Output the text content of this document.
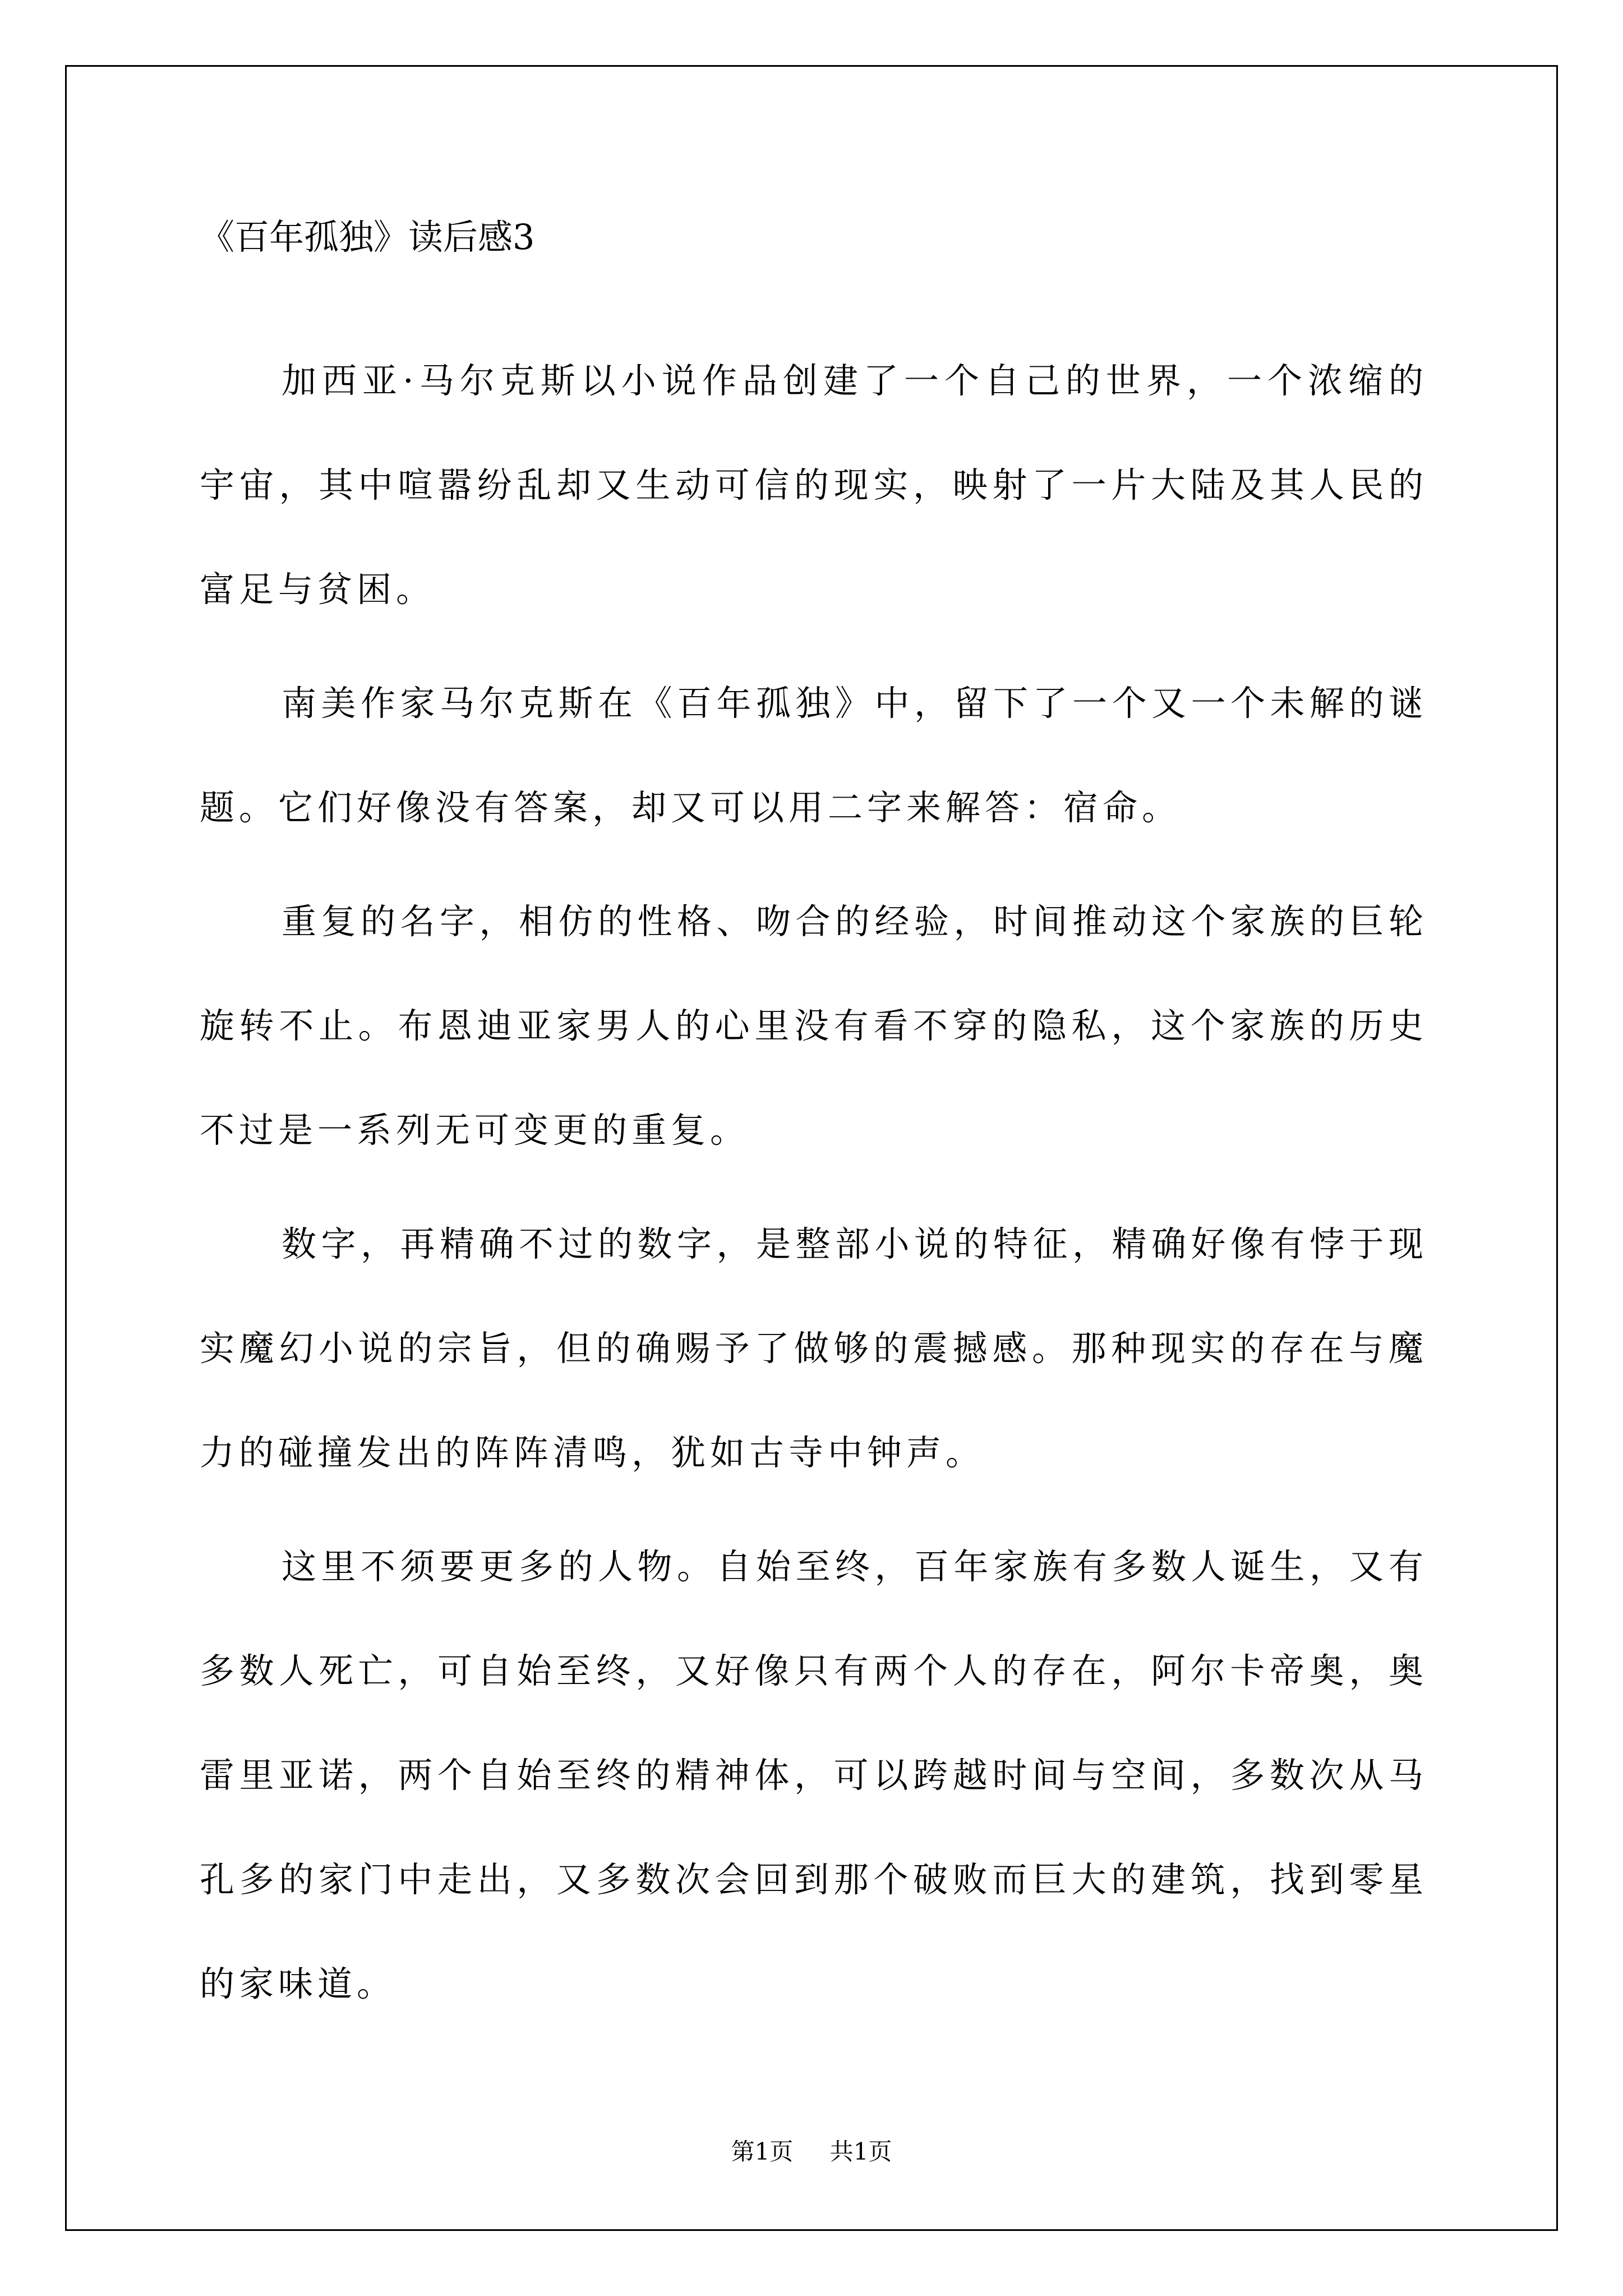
《百年孤独》读后感3

加西亚·马尔克斯以小说作品创建了一个自己的世界，一个浓缩的宇宙，其中喧嚣纷乱却又生动可信的现实，映射了一片大陆及其人民的富足与贫困。

南美作家马尔克斯在《百年孤独》中，留下了一个又一个未解的谜题。它们好像没有答案，却又可以用二字来解答：宿命。

重复的名字，相仿的性格、吻合的经验，时间推动这个家族的巨轮旋转不止。布恩迪亚家男人的心里没有看不穿的隐私，这个家族的历史不过是一系列无可变更的重复。

数字，再精确不过的数字，是整部小说的特征，精确好像有悖于现实魔幻小说的宗旨，但的确赐予了做够的震撼感。那种现实的存在与魔力的碰撞发出的阵阵清鸣，犹如古寺中钟声。

这里不须要更多的人物。自始至终，百年家族有多数人诞生，又有多数人死亡，可自始至终，又好像只有两个人的存在，阿尔卡帝奥，奥雷里亚诺，两个自始至终的精神体，可以跨越时间与空间，多数次从马孔多的家门中走出，又多数次会回到那个破败而巨大的建筑，找到零星的家味道。

第1页 共1页
